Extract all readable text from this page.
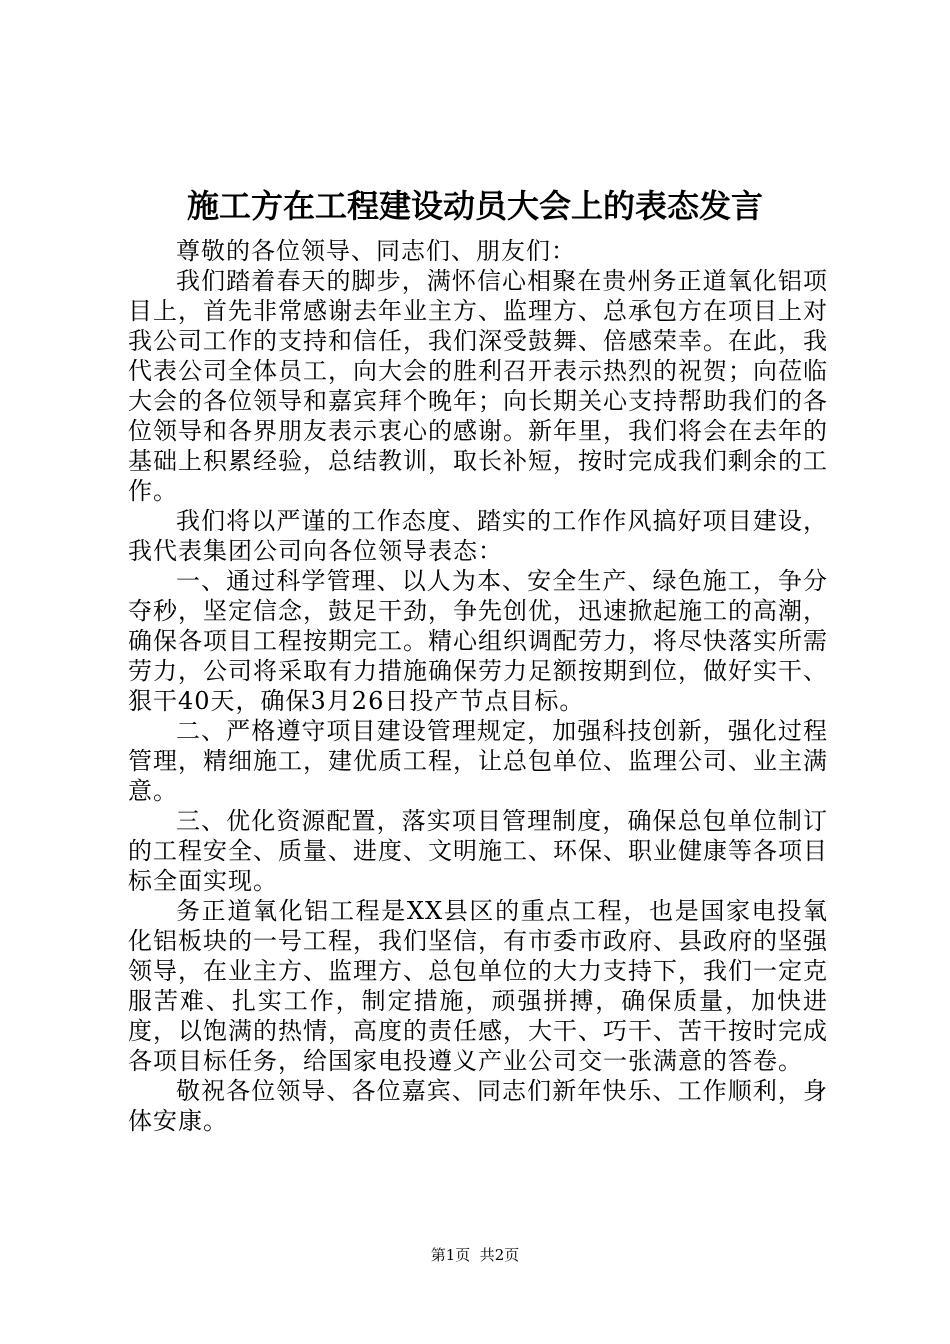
施工方在工程建设动员大会上的表态发言

尊敬的各位领导、同志们、朋友们：

我们踏着春天的脚步，满怀信心相聚在贵州务正道氧化铝项目上，首先非常感谢去年业主方、监理方、总承包方在项目上对我公司工作的支持和信任，我们深受鼓舞、倍感荣幸。在此，我代表公司全体员工，向大会的胜利召开表示热烈的祝贺；向莅临大会的各位领导和嘉宾拜个晚年；向长期关心支持帮助我们的各位领导和各界朋友表示衷心的感谢。新年里，我们将会在去年的基础上积累经验，总结教训，取长补短，按时完成我们剩余的工作。

我们将以严谨的工作态度、踏实的工作作风搞好项目建设，我代表集团公司向各位领导表态：

一、通过科学管理、以人为本、安全生产、绿色施工，争分夺秒，坚定信念，鼓足干劲，争先创优，迅速掀起施工的高潮，确保各项目工程按期完工。精心组织调配劳力，将尽快落实所需劳力，公司将采取有力措施确保劳力足额按期到位，做好实干、狠干40天，确保3月26日投产节点目标。

二、严格遵守项目建设管理规定，加强科技创新，强化过程管理，精细施工，建优质工程，让总包单位、监理公司、业主满意。

三、优化资源配置，落实项目管理制度，确保总包单位制订的工程安全、质量、进度、文明施工、环保、职业健康等各项目标全面实现。

务正道氧化铝工程是XX县区的重点工程，也是国家电投氧化铝板块的一号工程，我们坚信，有市委市政府、县政府的坚强领导，在业主方、监理方、总包单位的大力支持下，我们一定克服苦难、扎实工作，制定措施，顽强拼搏，确保质量，加快进度，以饱满的热情，高度的责任感，大干、巧干、苦干按时完成各项目标任务，给国家电投遵义产业公司交一张满意的答卷。

敬祝各位领导、各位嘉宾、同志们新年快乐、工作顺利，身体安康。

第1页  共2页
